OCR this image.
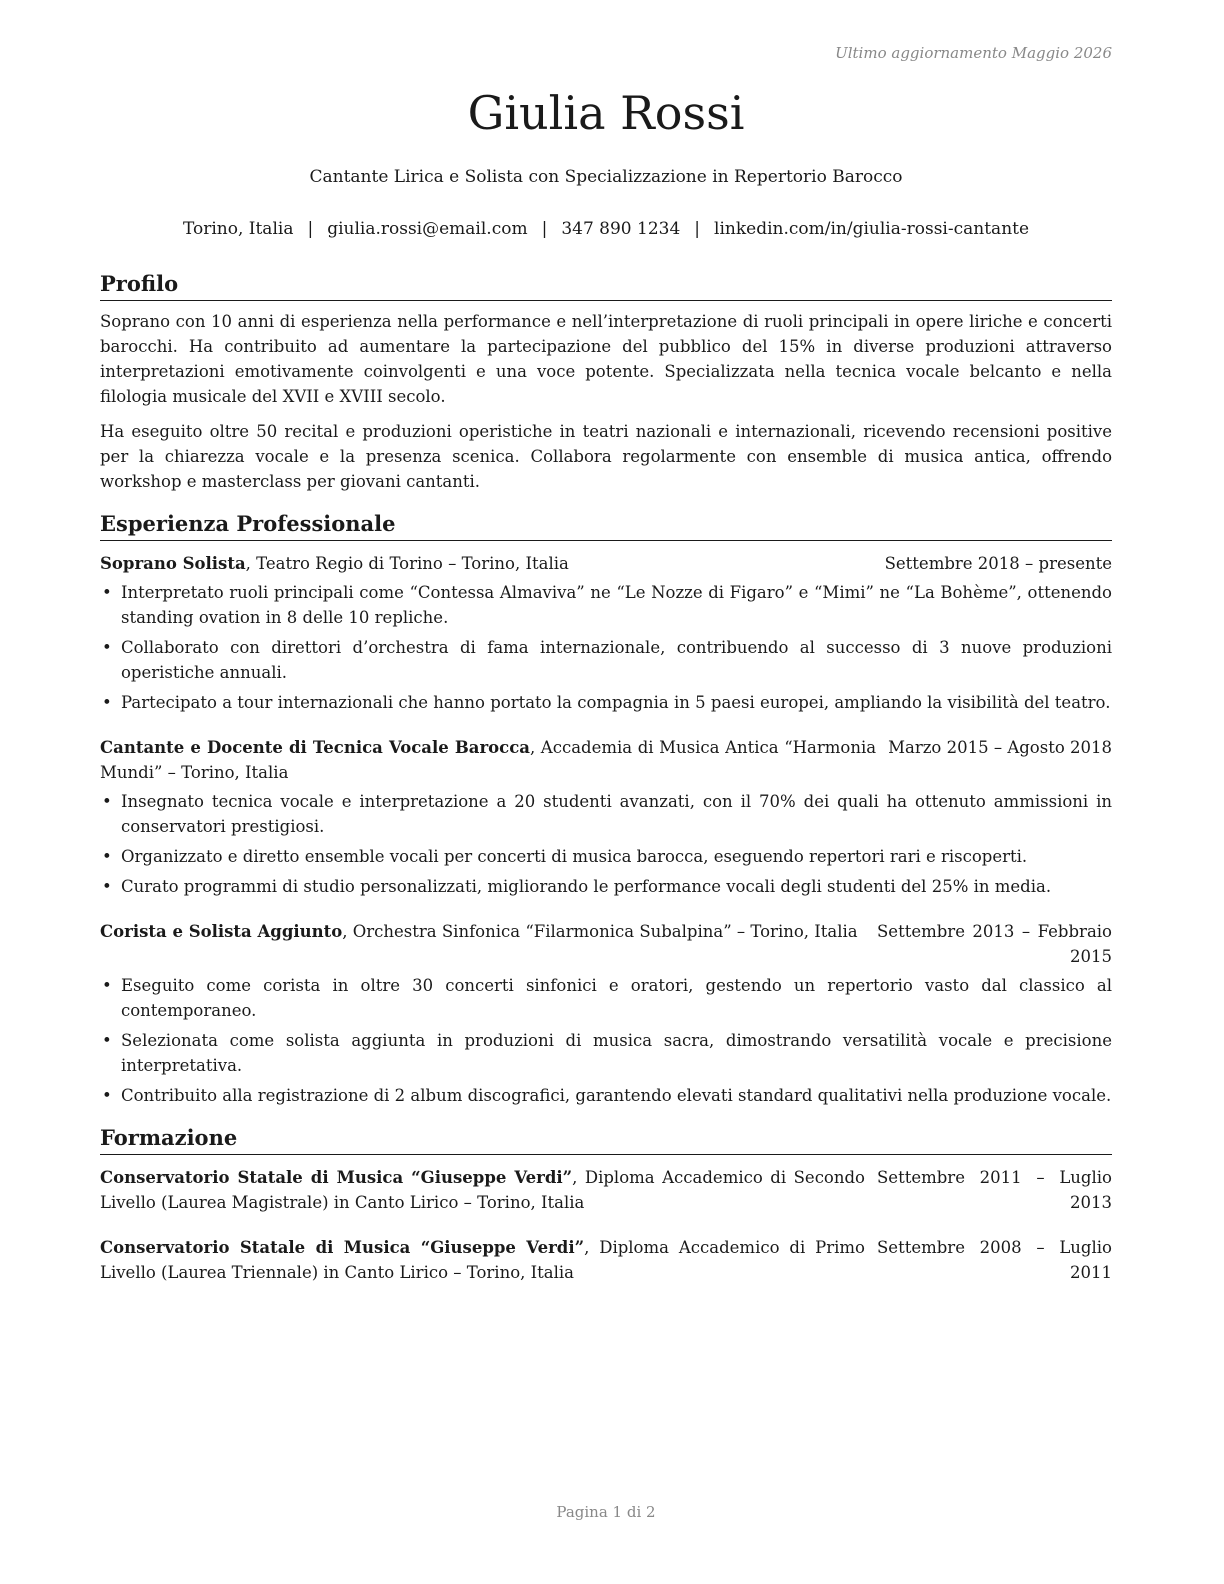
Ultimo aggiornamento Maggio 2026
Giulia Rossi
Cantante Lirica e Solista con Specializzazione in Repertorio Barocco
Torino, Italia | giulia.rossi@email.com | 347 890 1234 | linkedin.com/in/giulia-rossi-cantante
Profilo

Soprano con 10 anni di esperienza nella performance e nell’interpretazione di ruoli principali in opere liriche e concerti barocchi. Ha contribuito ad aumentare la partecipazione del pubblico del 15% in diverse produzioni attraverso interpretazioni emotivamente coinvolgenti e una voce potente. Specializzata nella tecnica vocale belcanto e nella filologia musicale del XVII e XVIII secolo.

Ha eseguito oltre 50 recital e produzioni operistiche in teatri nazionali e internazionali, ricevendo recensioni positive per la chiarezza vocale e la presenza scenica. Collabora regolarmente con ensemble di musica antica, offrendo workshop e masterclass per giovani cantanti.

Esperienza Professionale
Soprano Solista, Teatro Regio di Torino – Torino, Italia	Settembre 2018 – presente
• Interpretato ruoli principali come “Contessa Almaviva” ne “Le Nozze di Figaro” e “Mimi” ne “La Bohème”, ottenendo standing ovation in 8 delle 10 repliche.
• Collaborato con direttori d’orchestra di fama internazionale, contribuendo al successo di 3 nuove produzioni operistiche annuali.
• Partecipato a tour internazionali che hanno portato la compagnia in 5 paesi europei, ampliando la visibilità del teatro.
Cantante e Docente di Tecnica Vocale Barocca, Accademia di Musica Antica “Harmonia Mundi” – Torino, Italia
Marzo 2015 – Agosto 2018
• Insegnato tecnica vocale e interpretazione a 20 studenti avanzati, con il 70% dei quali ha ottenuto ammissioni in conservatori prestigiosi.
• Organizzato e diretto ensemble vocali per concerti di musica barocca, eseguendo repertori rari e riscoperti.
• Curato programmi di studio personalizzati, migliorando le performance vocali degli studenti del 25% in media.
Corista e Solista Aggiunto, Orchestra Sinfonica “Filarmonica Subalpina” – Torino, Italia	Settembre 2013 – Febbraio 2015
• Eseguito come corista in oltre 30 concerti sinfonici e oratori, gestendo un repertorio vasto dal classico al contemporaneo.
• Selezionata come solista aggiunta in produzioni di musica sacra, dimostrando versatilità vocale e precisione interpretativa.
• Contribuito alla registrazione di 2 album discografici, garantendo elevati standard qualitativi nella produzione vocale.
Formazione
Conservatorio Statale di Musica “Giuseppe Verdi”, Diploma Accademico di Secondo Livello (Laurea Magistrale) in Canto Lirico – Torino, Italia
Settembre 2011 – Luglio 2013
Conservatorio Statale di Musica “Giuseppe Verdi”, Diploma Accademico di Primo Livello (Laurea Triennale) in Canto Lirico – Torino, Italia
Settembre 2008 – Luglio 2011
Pagina 1 di 2
